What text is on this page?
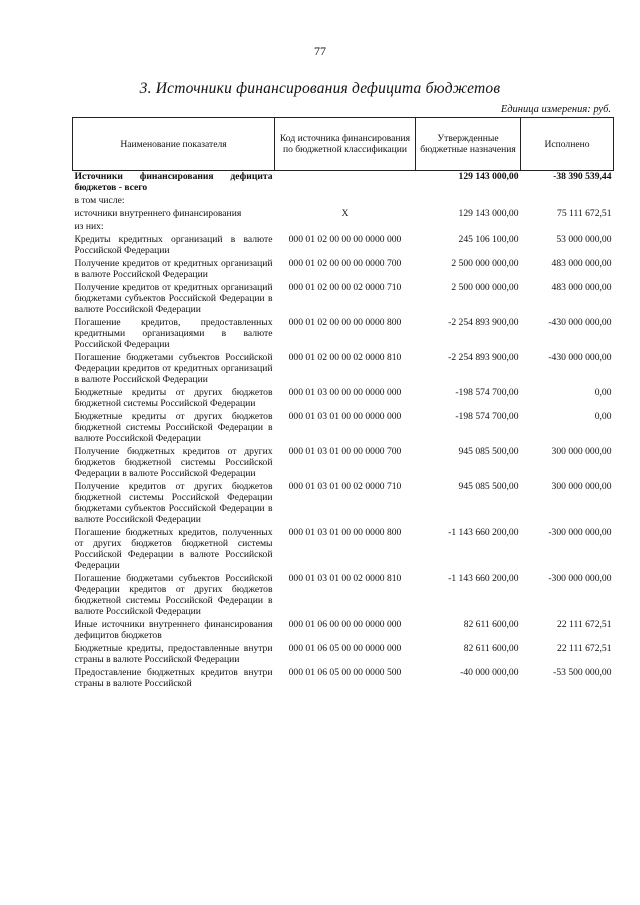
77
3. Источники финансирования дефицита бюджетов
Единица измерения: руб.
Наименование показателя	Код источника финансирования по бюджетной классификации	Утвержденные бюджетные назначения	Исполнено
Источники финансирования дефицита бюджетов - всего		129 143 000,00	-38 390 539,44
в том числе:			
источники внутреннего финансирования	X	129 143 000,00	75 111 672,51
из них:			
Кредиты кредитных организаций в валюте Российской Федерации	000 01 02 00 00 00 0000 000	245 106 100,00	53 000 000,00
Получение кредитов от кредитных организаций в валюте Российской Федерации	000 01 02 00 00 00 0000 700	2 500 000 000,00	483 000 000,00
Получение кредитов от кредитных организаций бюджетами субъектов Российской Федерации в валюте Российской Федерации	000 01 02 00 00 02 0000 710	2 500 000 000,00	483 000 000,00
Погашение кредитов, предоставленных кредитными организациями в валюте Российской Федерации	000 01 02 00 00 00 0000 800	-2 254 893 900,00	-430 000 000,00
Погашение бюджетами субъектов Российской Федерации кредитов от кредитных организаций в валюте Российской Федерации	000 01 02 00 00 02 0000 810	-2 254 893 900,00	-430 000 000,00
Бюджетные кредиты от других бюджетов бюджетной системы Российской Федерации	000 01 03 00 00 00 0000 000	-198 574 700,00	0,00
Бюджетные кредиты от других бюджетов бюджетной системы Российской Федерации в валюте Российской Федерации	000 01 03 01 00 00 0000 000	-198 574 700,00	0,00
Получение бюджетных кредитов от других бюджетов бюджетной системы Российской Федерации в валюте Российской Федерации	000 01 03 01 00 00 0000 700	945 085 500,00	300 000 000,00
Получение кредитов от других бюджетов бюджетной системы Российской Федерации бюджетами субъектов Российской Федерации в валюте Российской Федерации	000 01 03 01 00 02 0000 710	945 085 500,00	300 000 000,00
Погашение бюджетных кредитов, полученных от других бюджетов бюджетной системы Российской Федерации в валюте Российской Федерации	000 01 03 01 00 00 0000 800	-1 143 660 200,00	-300 000 000,00
Погашение бюджетами субъектов Российской Федерации кредитов от других бюджетов бюджетной системы Российской Федерации в валюте Российской Федерации	000 01 03 01 00 02 0000 810	-1 143 660 200,00	-300 000 000,00
Иные источники внутреннего финансирования дефицитов бюджетов	000 01 06 00 00 00 0000 000	82 611 600,00	22 111 672,51
Бюджетные кредиты, предоставленные внутри страны в валюте Российской Федерации	000 01 06 05 00 00 0000 000	82 611 600,00	22 111 672,51
Предоставление бюджетных кредитов внутри страны в валюте Российской	000 01 06 05 00 00 0000 500	-40 000 000,00	-53 500 000,00
